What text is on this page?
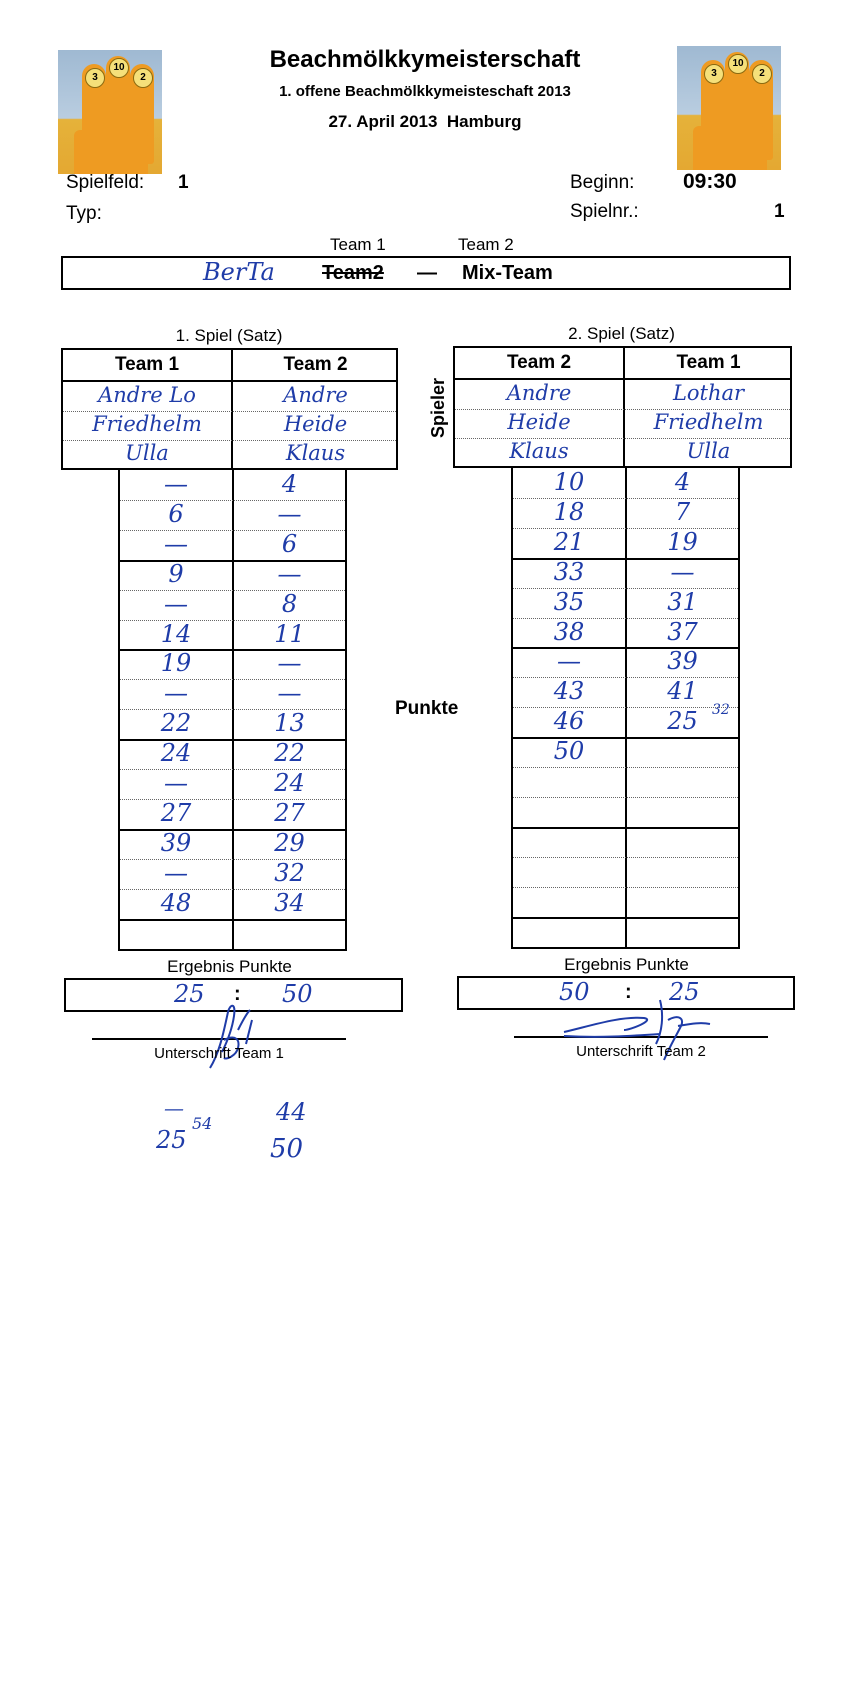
3
10
2	3
10
2
Beachmölkkymeisterschaft
1. offene Beachmölkkymeisteschaft 2013
27. April 2013  Hamburg
Spielfeld: 1
Typ:
Beginn: 09:30
Spielnr.:	1
Team 1	Team 2
BerTa Team2 — Mix-Team
1. Spiel (Satz)
Team 1	Team 2
Andre Lo	Andre
Friedhelm	Heide
Ulla	Klaus
—	4
6	—
—	6
9	—
—	8
14	11
19	—
—	—
22	13
24	22
—	24
27	27
39	29
—	32
48	34
Ergebnis Punkte
25 : 50
Unterschrift Team 1
2. Spiel (Satz)
Team 2	Team 1
Andre	Lothar
Heide	Friedhelm
Klaus	Ulla
10	4
18	7
21	19
33	—
35	31
38	37
—	39
43	41
46	25
50
32
Ergebnis Punkte
50 : 25
Unterschrift Team 2
Spieler
Punkte
—
54
25
44
50
